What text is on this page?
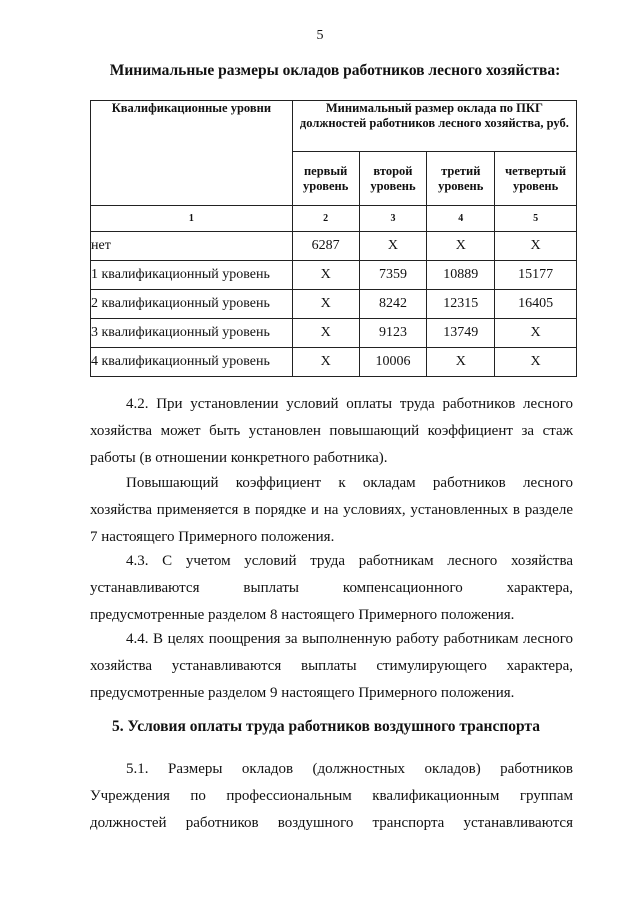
5
Минимальные размеры окладов работников лесного хозяйства:
Квалификационные уровни	Минимальный размер оклада по ПКГ должностей работников лесного хозяйства, руб.			
	первый уровень	второй уровень	третий уровень	четвертый уровень
1	2	3	4	5
нет	6287	X	X	X
1 квалификационный уровень	X	7359	10889	15177
2 квалификационный уровень	X	8242	12315	16405
3 квалификационный уровень	X	9123	13749	X
4 квалификационный уровень	X	10006	X	X
4.2. При установлении условий оплаты труда работников лесного
хозяйства может быть установлен повышающий коэффициент за стаж
работы (в отношении конкретного работника).
Повышающий коэффициент к окладам работников лесного
хозяйства применяется в порядке и на условиях, установленных в разделе
7 настоящего Примерного положения.
4.3. С учетом условий труда работникам лесного хозяйства
устанавливаются выплаты компенсационного характера,
предусмотренные разделом 8 настоящего Примерного положения.
4.4. В целях поощрения за выполненную работу работникам лесного
хозяйства устанавливаются выплаты стимулирующего характера,
предусмотренные разделом 9 настоящего Примерного положения.
5. Условия оплаты труда работников воздушного транспорта
5.1. Размеры окладов (должностных окладов) работников
Учреждения по профессиональным квалификационным группам
должностей работников воздушного транспорта устанавливаются
